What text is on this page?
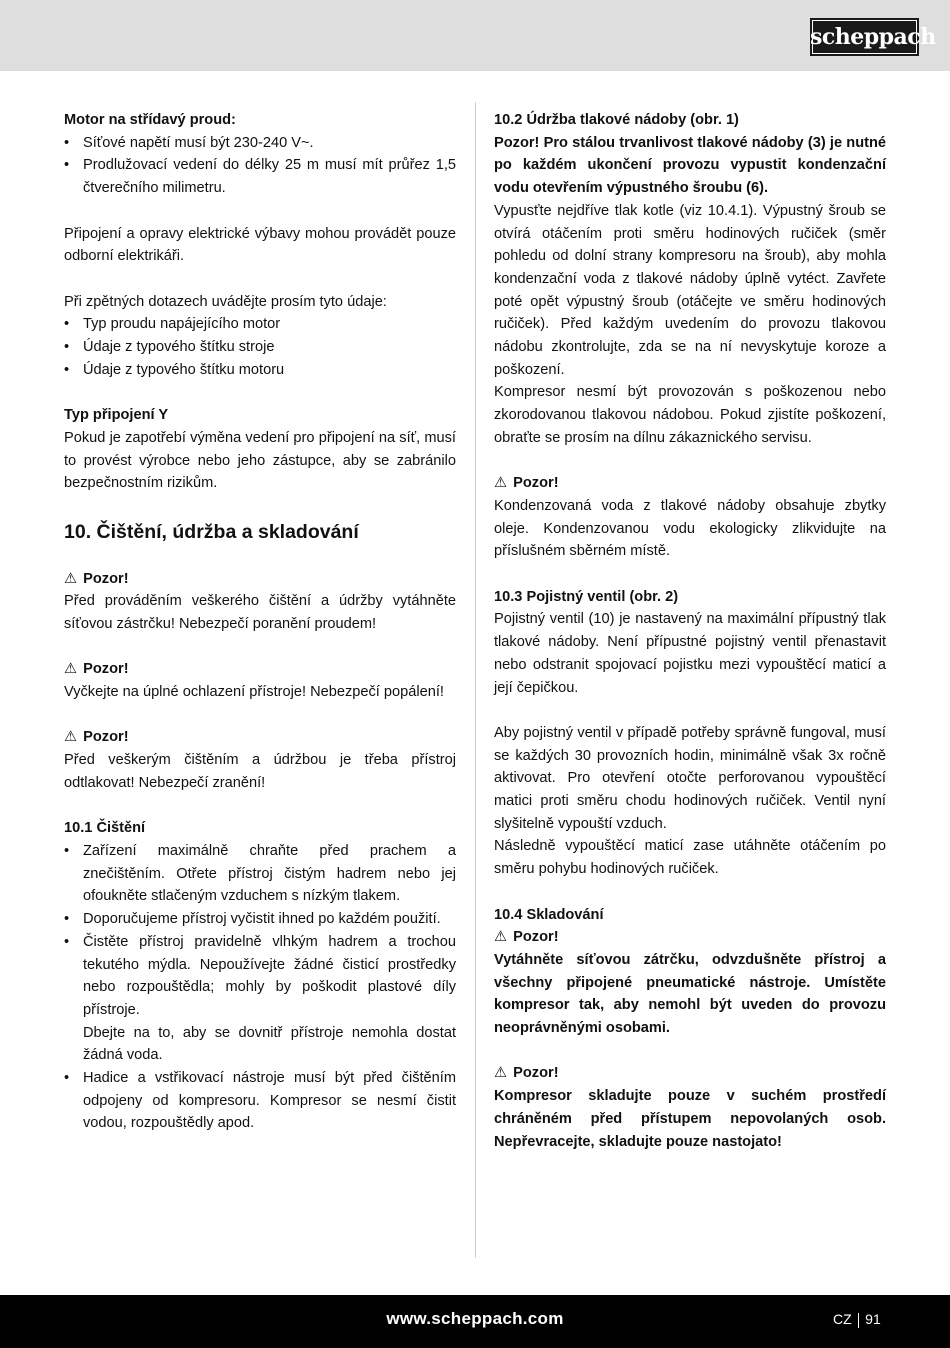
scheppach

Motor na střídavý proud:

• Síťové napětí musí být 230-240 V~.
• Prodlužovací vedení do délky 25 m musí mít průřez 1,5 čtverečního milimetru.

Připojení a opravy elektrické výbavy mohou provádět pouze odborní elektrikáři.

Při zpětných dotazech uvádějte prosím tyto údaje:

• Typ proudu napájejícího motor
• Údaje z typového štítku stroje
• Údaje z typového štítku motoru

Typ připojení Y

Pokud je zapotřebí výměna vedení pro připojení na síť, musí to provést výrobce nebo jeho zástupce, aby se zabránilo bezpečnostním rizikům.

10. Čištění, údržba a skladování

⚠ Pozor!

Před prováděním veškerého čištění a údržby vytáhněte síťovou zástrčku! Nebezpečí poranění proudem!

⚠ Pozor!

Vyčkejte na úplné ochlazení přístroje! Nebezpečí popálení!

⚠ Pozor!

Před veškerým čištěním a údržbou je třeba přístroj odtlakovat! Nebezpečí zranění!

10.1 Čištění

• Zařízení maximálně chraňte před prachem a znečištěním. Otřete přístroj čistým hadrem nebo jej ofoukněte stlačeným vzduchem s nízkým tlakem.
• Doporučujeme přístroj vyčistit ihned po každém použití.
• Čistěte přístroj pravidelně vlhkým hadrem a trochou tekutého mýdla. Nepoužívejte žádné čisticí prostředky nebo rozpouštědla; mohly by poškodit plastové díly přístroje.
Dbejte na to, aby se dovnitř přístroje nemohla dostat žádná voda.
• Hadice a vstřikovací nástroje musí být před čištěním odpojeny od kompresoru. Kompresor se nesmí čistit vodou, rozpouštědly apod.

10.2 Údržba tlakové nádoby (obr. 1)

Pozor! Pro stálou trvanlivost tlakové nádoby (3) je nutné po každém ukončení provozu vypustit kondenzační vodu otevřením výpustného šroubu (6).

Vypusťte nejdříve tlak kotle (viz 10.4.1). Výpustný šroub se otvírá otáčením proti směru hodinových ručiček (směr pohledu od dolní strany kompresoru na šroub), aby mohla kondenzační voda z tlakové nádoby úplně vytéct. Zavřete poté opět výpustný šroub (otáčejte ve směru hodinových ručiček). Před každým uvedením do provozu tlakovou nádobu zkontrolujte, zda se na ní nevyskytuje koroze a poškození.

Kompresor nesmí být provozován s poškozenou nebo zkorodovanou tlakovou nádobou. Pokud zjistíte poškození, obraťte se prosím na dílnu zákaznického servisu.

⚠ Pozor!

Kondenzovaná voda z tlakové nádoby obsahuje zbytky oleje. Kondenzovanou vodu ekologicky zlikvidujte na příslušném sběrném místě.

10.3 Pojistný ventil (obr. 2)

Pojistný ventil (10) je nastavený na maximální přípustný tlak tlakové nádoby. Není přípustné pojistný ventil přenastavit nebo odstranit spojovací pojistku mezi vypouštěcí maticí a její čepičkou.

Aby pojistný ventil v případě potřeby správně fungoval, musí se každých 30 provozních hodin, minimálně však 3x ročně aktivovat. Pro otevření otočte perforovanou vypouštěcí matici proti směru chodu hodinových ručiček. Ventil nyní slyšitelně vypouští vzduch.

Následně vypouštěcí maticí zase utáhněte otáčením po směru pohybu hodinových ručiček.

10.4 Skladování

⚠ Pozor!

Vytáhněte síťovou zátrčku, odvzdušněte přístroj a všechny připojené pneumatické nástroje. Umístěte kompresor tak, aby nemohl být uveden do provozu neoprávněnými osobami.

⚠ Pozor!

Kompresor skladujte pouze v suchém prostředí chráněném před přístupem nepovolaných osob. Nepřevracejte, skladujte pouze nastojato!

www.scheppach.com	CZ 91
